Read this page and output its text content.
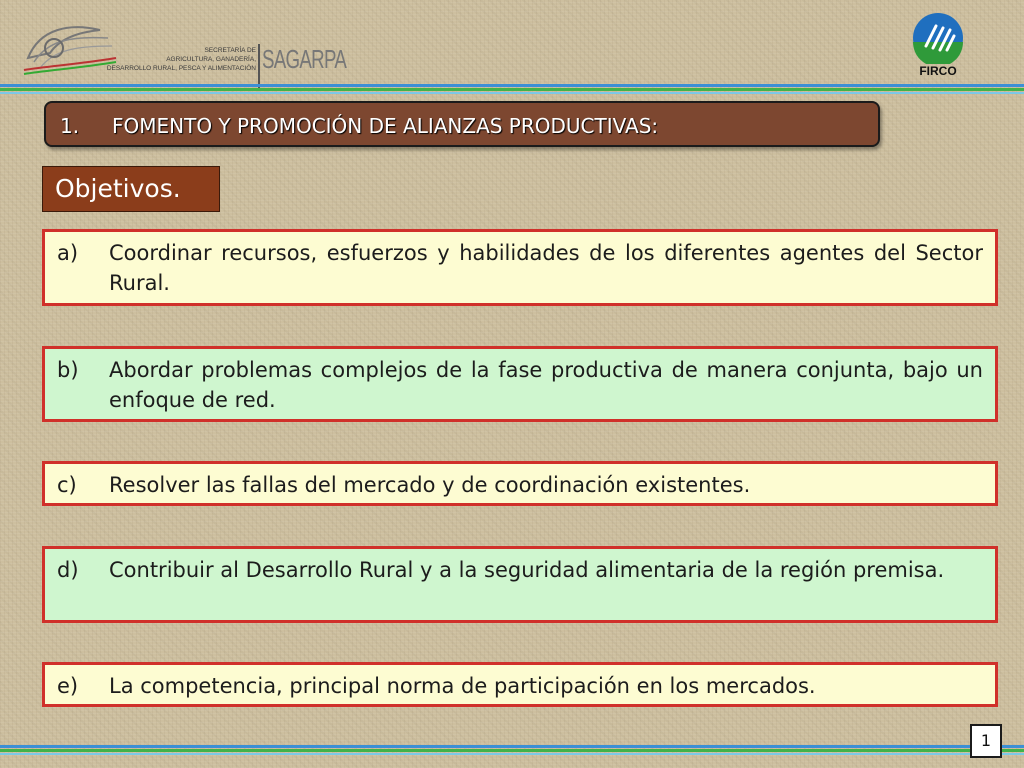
SECRETARÍA DE
AGRICULTURA, GANADERÍA,
DESARROLLO RURAL, PESCA Y ALIMENTACIÓN SAGARPA	FIRCO
1. FOMENTO Y PROMOCIÓN DE ALIANZAS PRODUCTIVAS:
Objetivos.
a)	Coordinar recursos, esfuerzos y habilidades de los diferentes agentes del Sector Rural.
b)	Abordar problemas complejos de la fase productiva de manera conjunta, bajo un enfoque de red.
c)	Resolver las fallas del mercado y de coordinación existentes.
d)	Contribuir al Desarrollo Rural y a la seguridad alimentaria de la región premisa.
e)	La competencia, principal norma de participación en los mercados.
1
